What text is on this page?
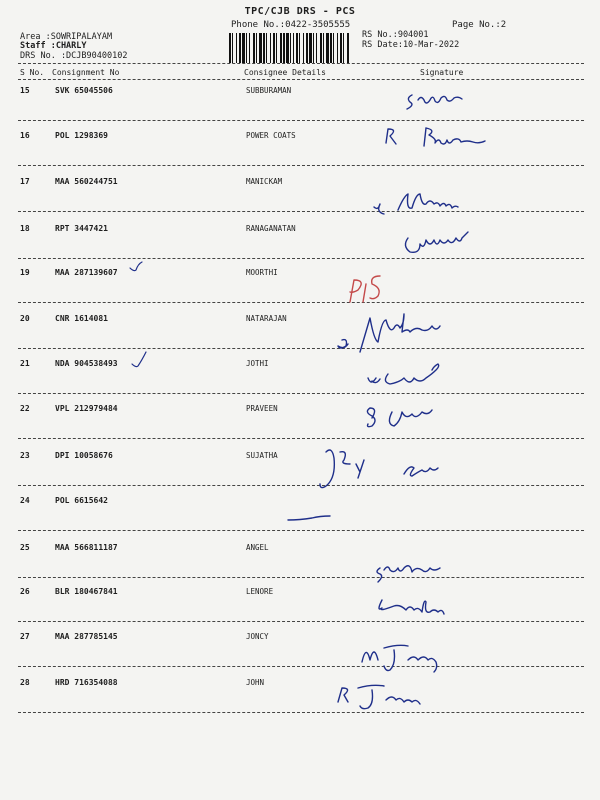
TPC/CJB DRS - PCS
Phone No.:0422-3505555	Page No.:2
Area :SOWRIPALAYAM
Staff :CHARLY
DRS No. :DCJB90400102
RS No.:904001
RS Date:10-Mar-2022
S No. Consignment No	Consignee Details	Signature
15	SVK 65045506	SUBBURAMAN
16	POL 1298369	POWER COATS
17	MAA 560244751	MANICKAM
18	RPT 3447421	RANAGANATAN
19	MAA 287139607	MOORTHI
20	CNR 1614081	NATARAJAN
21	NDA 904538493	JOTHI
22	VPL 212979484	PRAVEEN
23	DPI 10058676	SUJATHA
24	POL 6615642
25	MAA 566811187	ANGEL
26	BLR 180467841	LENORE
27	MAA 287785145	JONCY
28	HRD 716354088	JOHN
